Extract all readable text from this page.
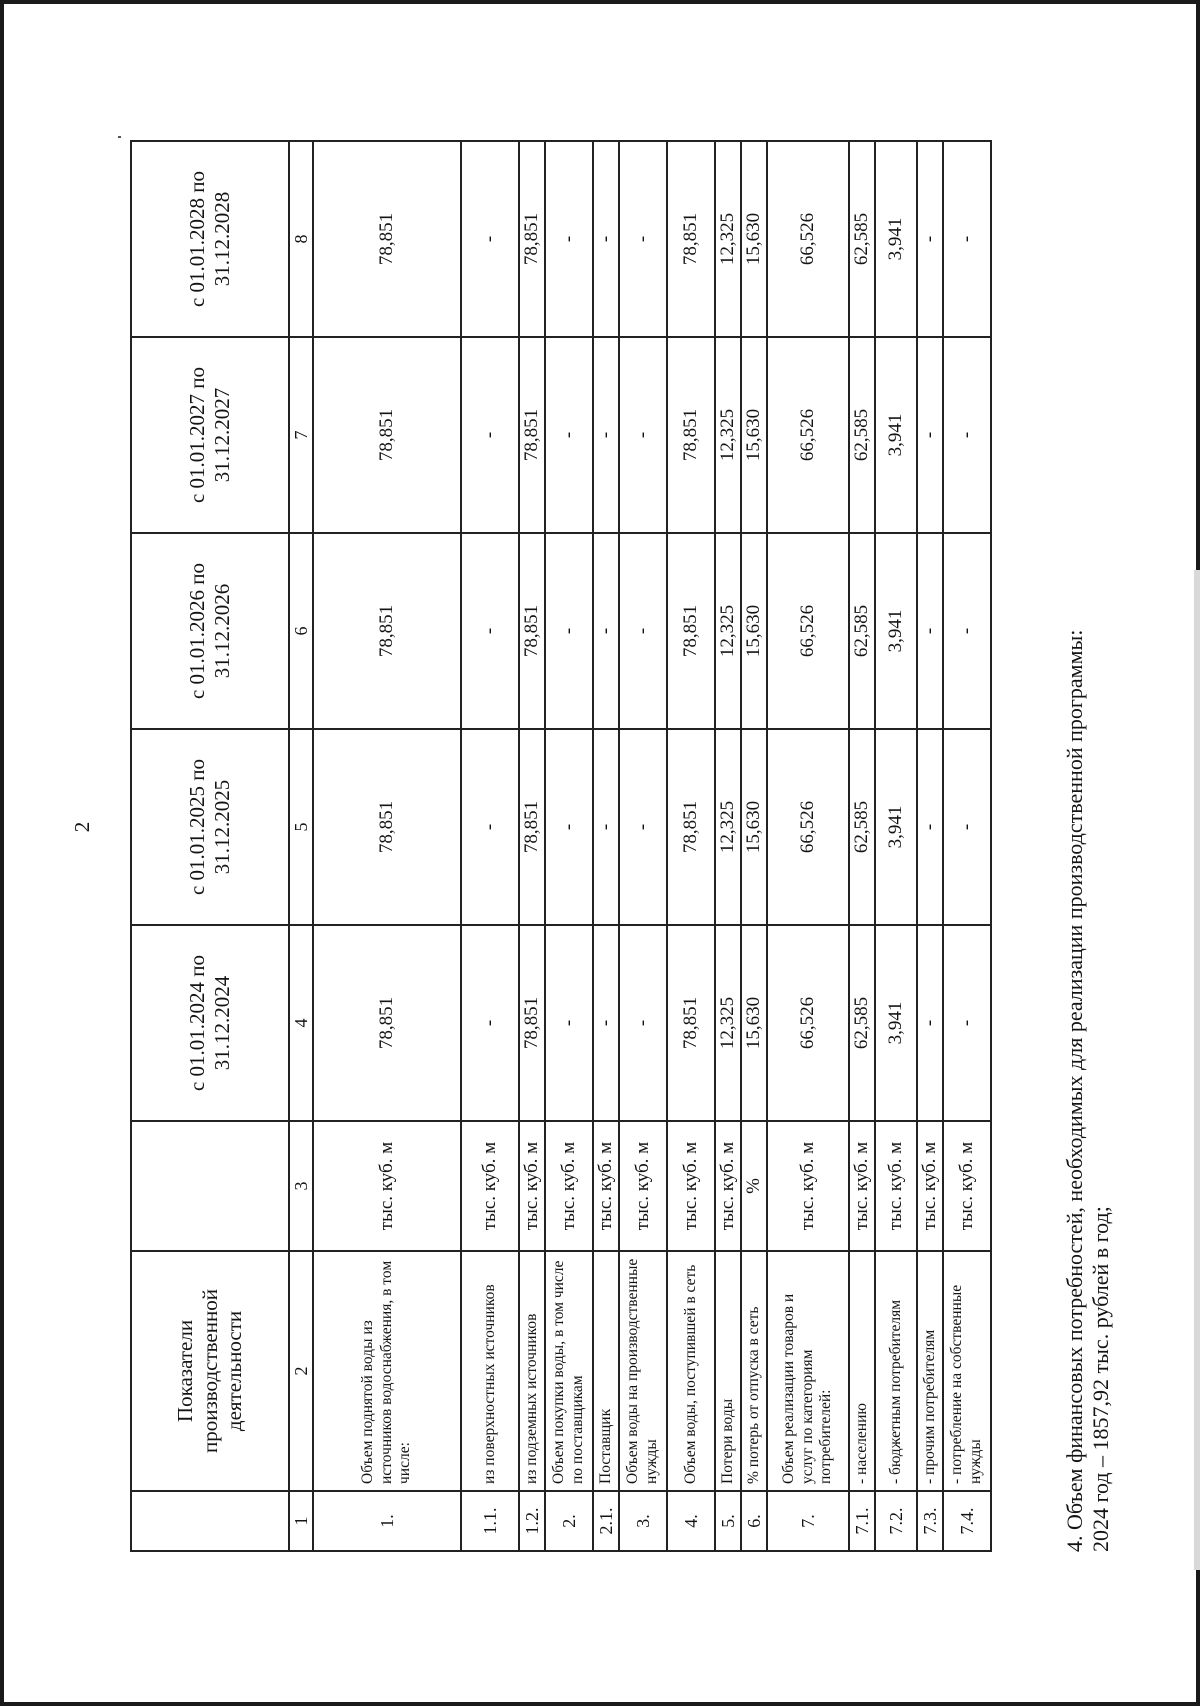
2
	Показатели производственной деятельности		с 01.01.2024 по 31.12.2024	с 01.01.2025 по 31.12.2025	с 01.01.2026 по 31.12.2026	с 01.01.2027 по 31.12.2027	с 01.01.2028 по 31.12.2028
1	2	3	4	5	6	7	8
1.	Объем поднятой воды из источников водоснабжения, в том числе:	тыс. куб. м	78,851	78,851	78,851	78,851	78,851
1.1.	из поверхностных источников	тыс. куб. м	-	-	-	-	-
1.2.	из подземных источников	тыс. куб. м	78,851	78,851	78,851	78,851	78,851
2.	Объем покупки воды, в том числе по поставщикам	тыс. куб. м	-	-	-	-	-
2.1.	Поставщик	тыс. куб. м	-	-	-	-	-
3.	Объем воды на производственные нужды	тыс. куб. м	-	-	-	-	-
4.	Объем воды, поступившей в сеть	тыс. куб. м	78,851	78,851	78,851	78,851	78,851
5.	Потери воды	тыс. куб. м	12,325	12,325	12,325	12,325	12,325
6.	% потерь от отпуска в сеть	%	15,630	15,630	15,630	15,630	15,630
7.	Объем реализации товаров и услуг по категориям потребителей:	тыс. куб. м	66,526	66,526	66,526	66,526	66,526
7.1.	- населению	тыс. куб. м	62,585	62,585	62,585	62,585	62,585
7.2.	- бюджетным потребителям	тыс. куб. м	3,941	3,941	3,941	3,941	3,941
7.3.	- прочим потребителям	тыс. куб. м	-	-	-	-	-
7.4.	- потребление на собственные нужды	тыс. куб. м	-	-	-	-	-
4. Объем финансовых потребностей, необходимых для реализации производственной программы: 2024 год – 1857,92 тыс. рублей в год;
